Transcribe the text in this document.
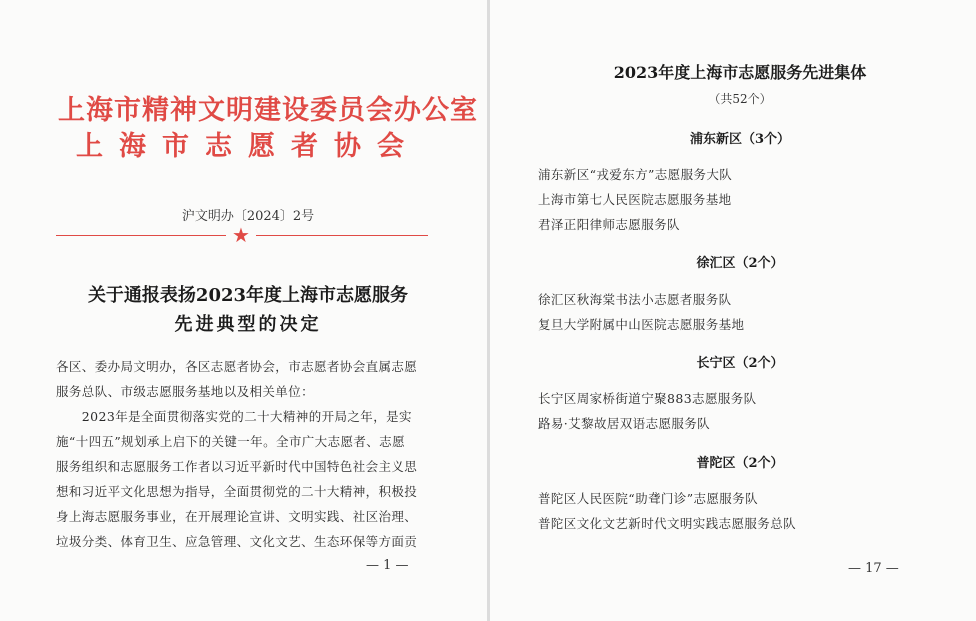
上海市精神文明建设委员会办公室
上海市志愿者协会
沪文明办〔2024〕2号
★
关于通报表扬2023年度上海市志愿服务
先进典型的决定
各区、委办局文明办，各区志愿者协会，市志愿者协会直属志愿
服务总队、市级志愿服务基地以及相关单位：
　　2023年是全面贯彻落实党的二十大精神的开局之年，是实
施“十四五”规划承上启下的关键一年。全市广大志愿者、志愿
服务组织和志愿服务工作者以习近平新时代中国特色社会主义思
想和习近平文化思想为指导，全面贯彻党的二十大精神，积极投
身上海志愿服务事业，在开展理论宣讲、文明实践、社区治理、
垃圾分类、体育卫生、应急管理、文化文艺、生态环保等方面贡
— 1 —
2023年度上海市志愿服务先进集体
（共52个）
浦东新区（3个）
浦东新区“戎爱东方”志愿服务大队
上海市第七人民医院志愿服务基地
君泽正阳律师志愿服务队
徐汇区（2个）
徐汇区秋海棠书法小志愿者服务队
复旦大学附属中山医院志愿服务基地
长宁区（2个）
长宁区周家桥街道宁聚883志愿服务队
路易·艾黎故居双语志愿服务队
普陀区（2个）
普陀区人民医院“助聋门诊”志愿服务队
普陀区文化文艺新时代文明实践志愿服务总队
— 17 —
